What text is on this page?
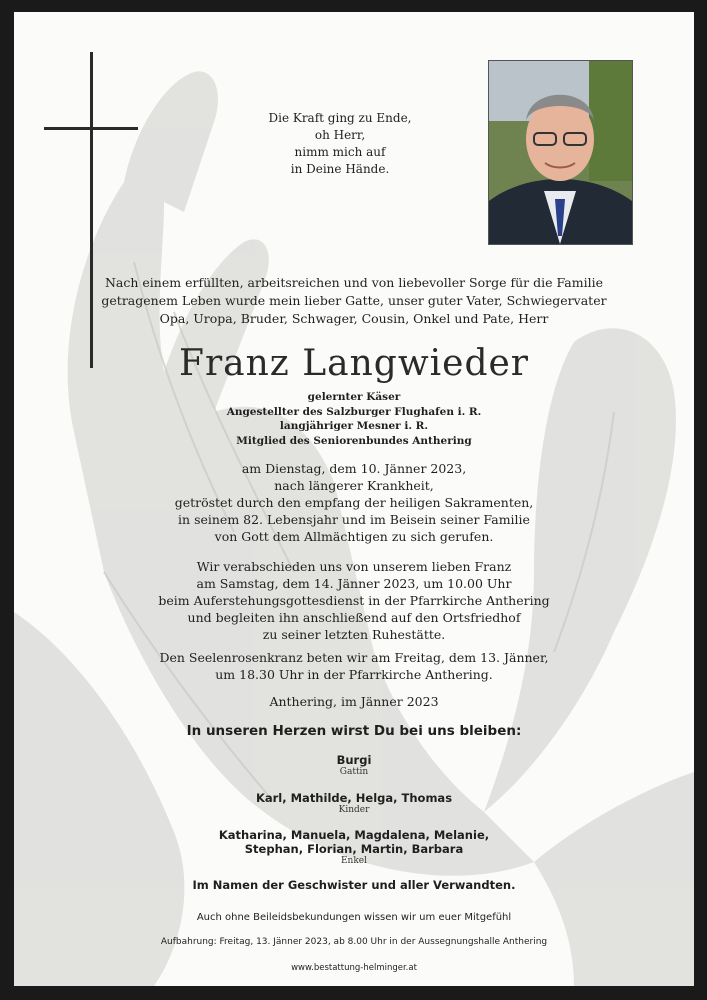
Die Kraft ging zu Ende,
oh Herr,
nimm mich auf
in Deine Hände.
Nach einem erfüllten, arbeitsreichen und von liebevoller Sorge für die Familie
getragenem Leben wurde mein lieber Gatte, unser guter Vater, Schwiegervater
Opa, Uropa, Bruder, Schwager, Cousin, Onkel und Pate, Herr
Franz Langwieder
gelernter Käser
Angestellter des Salzburger Flughafen i. R.
langjähriger Mesner i. R.
Mitglied des Seniorenbundes Anthering
am Dienstag, dem 10. Jänner 2023,
nach längerer Krankheit,
getröstet durch den empfang der heiligen Sakramenten,
in seinem 82. Lebensjahr und im Beisein seiner Familie
von Gott dem Allmächtigen zu sich gerufen.
Wir verabschieden uns von unserem lieben Franz
am Samstag, dem 14. Jänner 2023, um 10.00 Uhr
beim Auferstehungsgottesdienst in der Pfarrkirche Anthering
und begleiten ihn anschließend auf den Ortsfriedhof
zu seiner letzten Ruhestätte.
Den Seelenrosenkranz beten wir am Freitag, dem 13. Jänner,
um 18.30 Uhr in der Pfarrkirche Anthering.
Anthering, im Jänner 2023
In unseren Herzen wirst Du bei uns bleiben:
Burgi
Gattin
Karl, Mathilde, Helga, Thomas
Kinder
Katharina, Manuela, Magdalena, Melanie,
Stephan, Florian, Martin, Barbara
Enkel
Im Namen der Geschwister und aller Verwandten.
Auch ohne Beileidsbekundungen wissen wir um euer Mitgefühl
Aufbahrung: Freitag, 13. Jänner 2023, ab 8.00 Uhr in der Aussegnungshalle Anthering
www.bestattung-helminger.at
